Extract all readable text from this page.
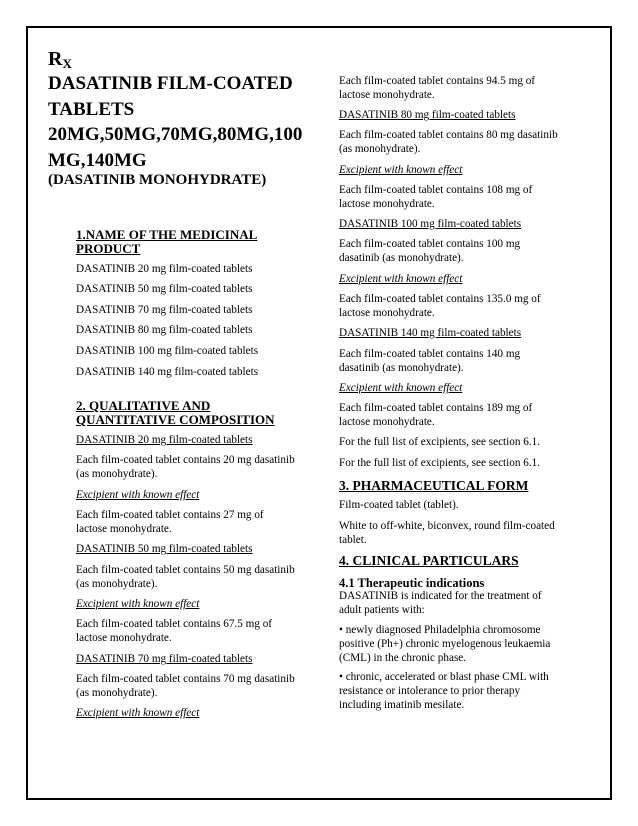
$R_X$
DASATINIB FILM-COATED
TABLETS
20MG,50MG,70MG,80MG,100
MG,140MG
(DASATINIB MONOHYDRATE)
1.NAME OF THE MEDICINAL
PRODUCT
DASATINIB 20 mg film-coated tablets
DASATINIB 50 mg film-coated tablets
DASATINIB 70 mg film-coated tablets
DASATINIB 80 mg film-coated tablets
DASATINIB 100 mg film-coated tablets
DASATINIB 140 mg film-coated tablets
2. QUALITATIVE AND
QUANTITATIVE COMPOSITION
DASATINIB 20 mg film-coated tablets
Each film-coated tablet contains 20 mg dasatinib
(as monohydrate).
Excipient with known effect
Each film-coated tablet contains 27 mg of
lactose monohydrate.
DASATINIB 50 mg film-coated tablets
Each film-coated tablet contains 50 mg dasatinib
(as monohydrate).
Excipient with known effect
Each film-coated tablet contains 67.5 mg of
lactose monohydrate.
DASATINIB 70 mg film-coated tablets
Each film-coated tablet contains 70 mg dasatinib
(as monohydrate).
Excipient with known effect
Each film-coated tablet contains 94.5 mg of
lactose monohydrate.
DASATINIB 80 mg film-coated tablets
Each film-coated tablet contains 80 mg dasatinib
(as monohydrate).
Excipient with known effect
Each film-coated tablet contains 108 mg of
lactose monohydrate.
DASATINIB 100 mg film-coated tablets
Each film-coated tablet contains 100 mg
dasatinib (as monohydrate).
Excipient with known effect
Each film-coated tablet contains 135.0 mg of
lactose monohydrate.
DASATINIB 140 mg film-coated tablets
Each film-coated tablet contains 140 mg
dasatinib (as monohydrate).
Excipient with known effect
Each film-coated tablet contains 189 mg of
lactose monohydrate.
For the full list of excipients, see section 6.1.
For the full list of excipients, see section 6.1.
3. PHARMACEUTICAL FORM
Film-coated tablet (tablet).
White to off-white, biconvex, round film-coated
tablet.
4. CLINICAL PARTICULARS
4.1 Therapeutic indications
DASATINIB is indicated for the treatment of
adult patients with:
• newly diagnosed Philadelphia chromosome
positive (Ph+) chronic myelogenous leukaemia
(CML) in the chronic phase.
• chronic, accelerated or blast phase CML with
resistance or intolerance to prior therapy
including imatinib mesilate.
